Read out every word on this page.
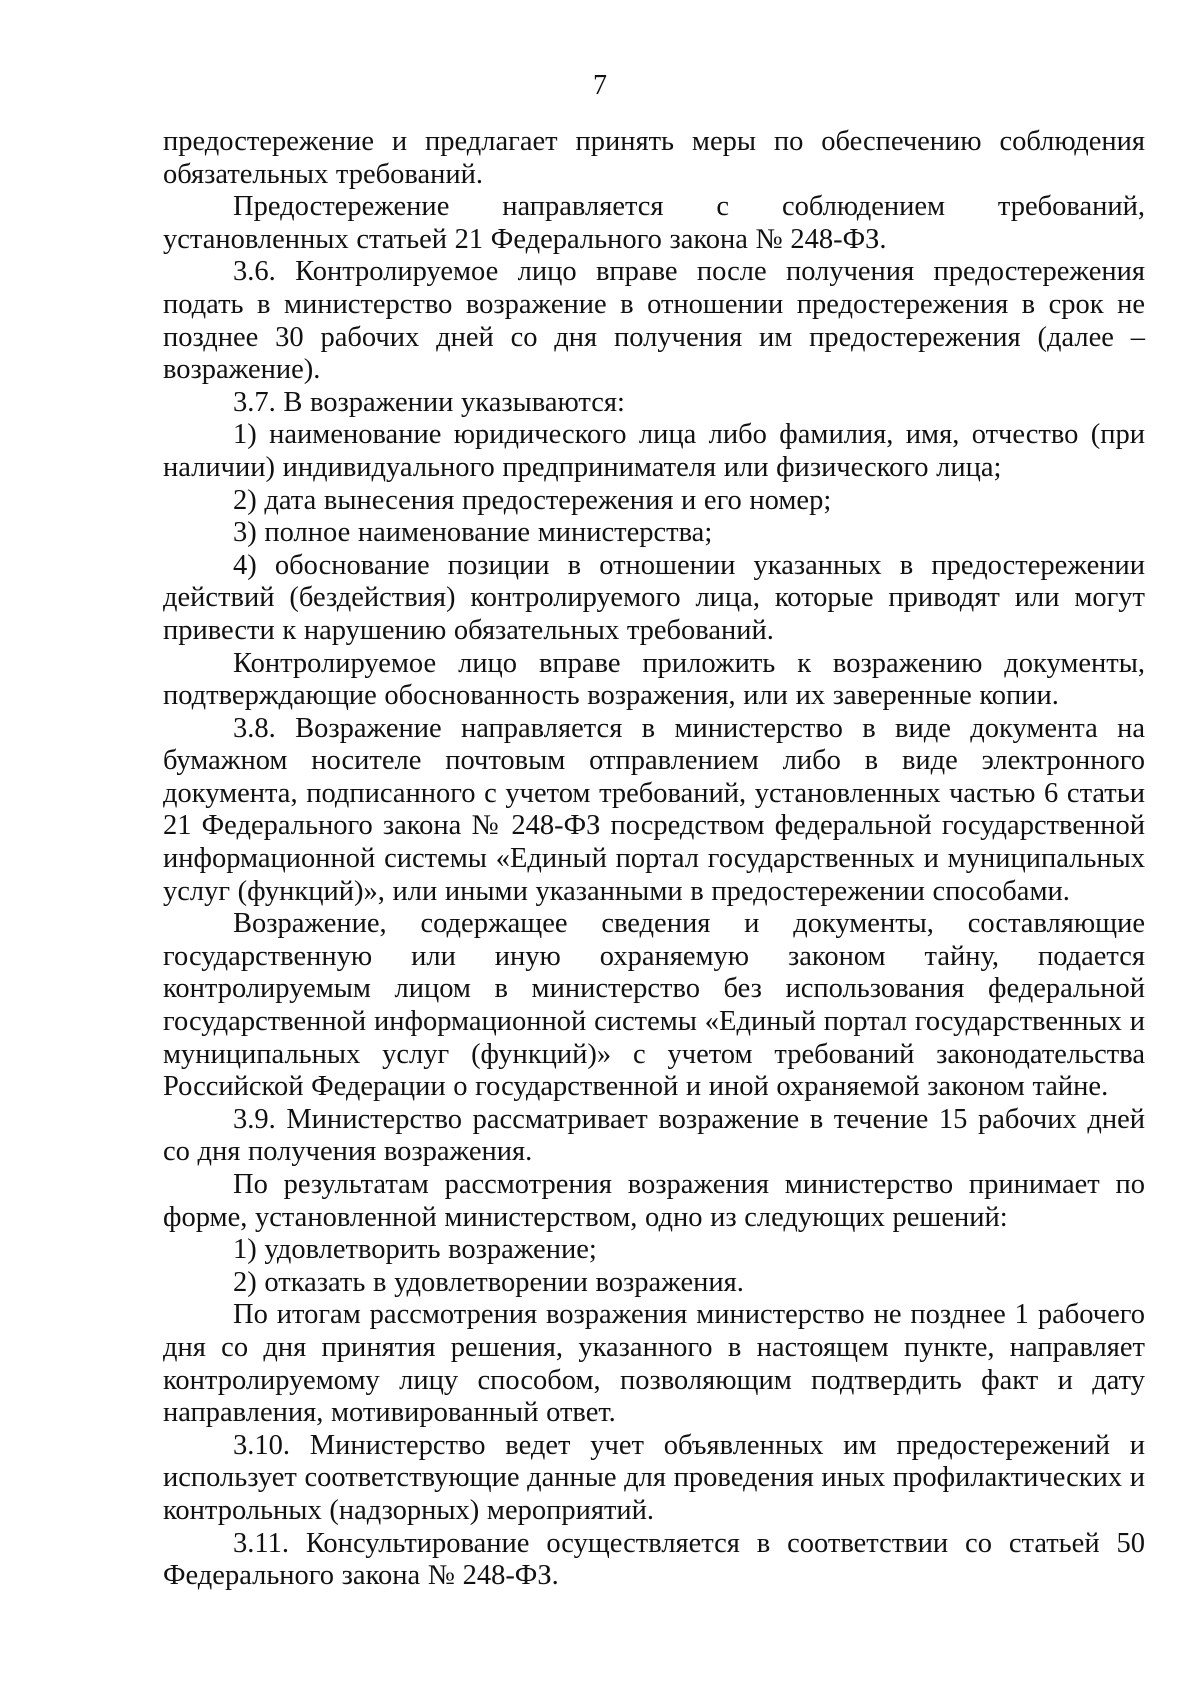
7

предостережение и предлагает принять меры по обеспечению соблюдения обязательных требований.

Предостережение направляется с соблюдением требований, установленных статьей 21 Федерального закона № 248-ФЗ.

3.6. Контролируемое лицо вправе после получения предостережения подать в министерство возражение в отношении предостережения в срок не позднее 30 рабочих дней со дня получения им предостережения (далее – возражение).

3.7. В возражении указываются:

1) наименование юридического лица либо фамилия, имя, отчество (при наличии) индивидуального предпринимателя или физического лица;

2) дата вынесения предостережения и его номер;

3) полное наименование министерства;

4) обоснование позиции в отношении указанных в предостережении действий (бездействия) контролируемого лица, которые приводят или могут привести к нарушению обязательных требований.

Контролируемое лицо вправе приложить к возражению документы, подтверждающие обоснованность возражения, или их заверенные копии.

3.8. Возражение направляется в министерство в виде документа на бумажном носителе почтовым отправлением либо в виде электронного документа, подписанного с учетом требований, установленных частью 6 статьи 21 Федерального закона № 248-ФЗ посредством федеральной государственной информационной системы «Единый портал государственных и муниципальных услуг (функций)», или иными указанными в предостережении способами.

Возражение, содержащее сведения и документы, составляющие государственную или иную охраняемую законом тайну, подается контролируемым лицом в министерство без использования федеральной государственной информационной системы «Единый портал государственных и муниципальных услуг (функций)» с учетом требований законодательства Российской Федерации о государственной и иной охраняемой законом тайне.

3.9. Министерство рассматривает возражение в течение 15 рабочих дней со дня получения возражения.

По результатам рассмотрения возражения министерство принимает по форме, установленной министерством, одно из следующих решений:

1) удовлетворить возражение;

2) отказать в удовлетворении возражения.

По итогам рассмотрения возражения министерство не позднее 1 рабочего дня со дня принятия решения, указанного в настоящем пункте, направляет контролируемому лицу способом, позволяющим подтвердить факт и дату направления, мотивированный ответ.

3.10. Министерство ведет учет объявленных им предостережений и использует соответствующие данные для проведения иных профилактических и контрольных (надзорных) мероприятий.

3.11. Консультирование осуществляется в соответствии со статьей 50 Федерального закона № 248-ФЗ.
